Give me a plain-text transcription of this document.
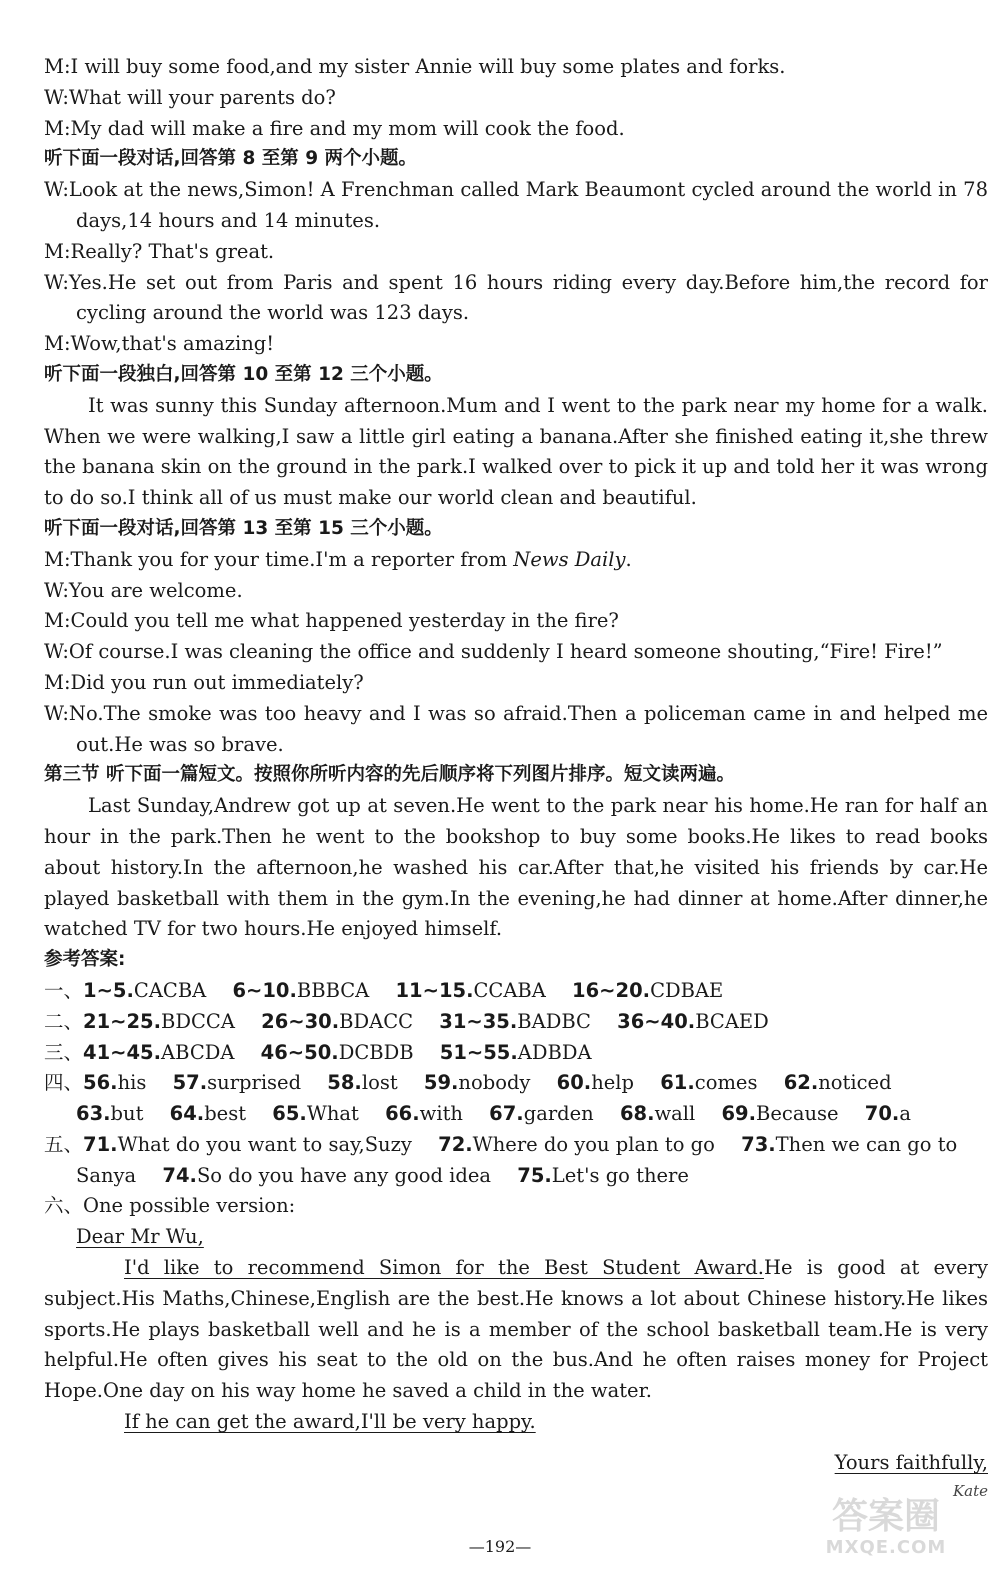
M:I will buy some food,and my sister Annie will buy some plates and forks.

W:What will your parents do?

M:My dad will make a fire and my mom will cook the food.

听下面一段对话,回答第 8 至第 9 两个小题。

W:Look at the news,Simon! A Frenchman called Mark Beaumont cycled around the world in 78 days,14 hours and 14 minutes.

M:Really? That's great.

W:Yes.He set out from Paris and spent 16 hours riding every day.Before him,the record for cycling around the world was 123 days.

M:Wow,that's amazing!

听下面一段独白,回答第 10 至第 12 三个小题。

It was sunny this Sunday afternoon.Mum and I went to the park near my home for a walk. When we were walking,I saw a little girl eating a banana.After she finished eating it,she threw the banana skin on the ground in the park.I walked over to pick it up and told her it was wrong to do so.I think all of us must make our world clean and beautiful.

听下面一段对话,回答第 13 至第 15 三个小题。

M:Thank you for your time.I'm a reporter from News Daily.

W:You are welcome.

M:Could you tell me what happened yesterday in the fire?

W:Of course.I was cleaning the office and suddenly I heard someone shouting,“Fire! Fire!”

M:Did you run out immediately?

W:No.The smoke was too heavy and I was so afraid.Then a policeman came in and helped me out.He was so brave.

第三节 听下面一篇短文。按照你所听内容的先后顺序将下列图片排序。短文读两遍。

Last Sunday,Andrew got up at seven.He went to the park near his home.He ran for half an hour in the park.Then he went to the bookshop to buy some books.He likes to read books about history.In the afternoon,he washed his car.After that,he visited his friends by car.He played basketball with them in the gym.In the evening,he had dinner at home.After dinner,he watched TV for two hours.He enjoyed himself.

参考答案:

一、1~5.CACBA 6~10.BBBCA 11~15.CCABA 16~20.CDBAE

二、21~25.BDCCA 26~30.BDACC 31~35.BADBC 36~40.BCAED

三、41~45.ABCDA 46~50.DCBDB 51~55.ADBDA

四、56.his 57.surprised 58.lost 59.nobody 60.help 61.comes 62.noticed 63.but 64.best 65.What 66.with 67.garden 68.wall 69.Because 70.a

五、71.What do you want to say,Suzy 72.Where do you plan to go 73.Then we can go to Sanya 74.So do you have any good idea 75.Let's go there

六、One possible version:

Dear Mr Wu,

I'd like to recommend Simon for the Best Student Award.He is good at every subject.His Maths,Chinese,English are the best.He knows a lot about Chinese history.He likes sports.He plays basketball well and he is a member of the school basketball team.He is very helpful.He often gives his seat to the old on the bus.And he often raises money for Project Hope.One day on his way home he saved a child in the water.

If he can get the award,I'll be very happy.

Yours faithfully,

Kate

—192—
答案圈
MXQE.COM
